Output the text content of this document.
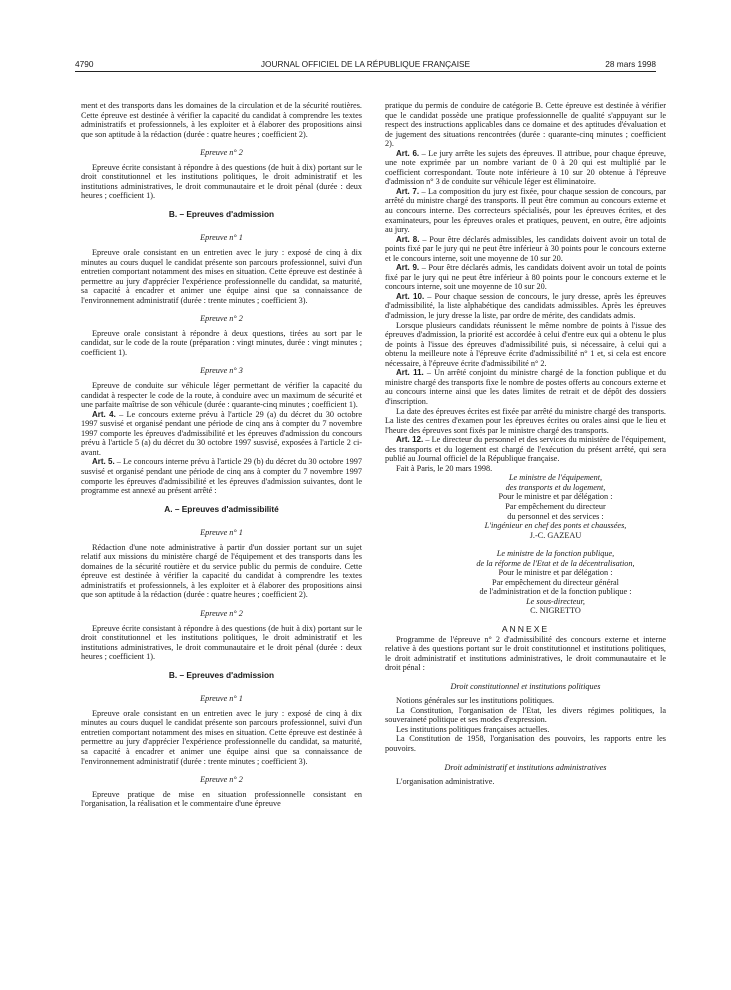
4790	JOURNAL OFFICIEL DE LA RÉPUBLIQUE FRANÇAISE	28 mars 1998

ment et des transports dans les domaines de la circulation et de la sécurité routières. Cette épreuve est destinée à vérifier la capacité du candidat à comprendre les textes administratifs et professionnels, à les exploiter et à élaborer des propositions ainsi que son aptitude à la rédaction (durée : quatre heures ; coefficient 2).

Epreuve n° 2

Epreuve écrite consistant à répondre à des questions (de huit à dix) portant sur le droit constitutionnel et les institutions politiques, le droit administratif et les institutions administratives, le droit communautaire et le droit pénal (durée : deux heures ; coefficient 1).

B. – Epreuves d'admission

Epreuve n° 1

Epreuve orale consistant en un entretien avec le jury : exposé de cinq à dix minutes au cours duquel le candidat présente son parcours professionnel, suivi d'un entretien comportant notamment des mises en situation. Cette épreuve est destinée à permettre au jury d'apprécier l'expérience professionnelle du candidat, sa maturité, sa capacité à encadrer et animer une équipe ainsi que sa connaissance de l'environnement administratif (durée : trente minutes ; coefficient 3).

Epreuve n° 2

Epreuve orale consistant à répondre à deux questions, tirées au sort par le candidat, sur le code de la route (préparation : vingt minutes, durée : vingt minutes ; coefficient 1).

Epreuve n° 3

Epreuve de conduite sur véhicule léger permettant de vérifier la capacité du candidat à respecter le code de la route, à conduire avec un maximum de sécurité et une parfaite maîtrise de son véhicule (durée : quarante-cinq minutes ; coefficient 1).

Art. 4. – Le concours externe prévu à l'article 29 (a) du décret du 30 octobre 1997 susvisé et organisé pendant une période de cinq ans à compter du 7 novembre 1997 comporte les épreuves d'admissibilité et les épreuves d'admission du concours prévu à l'article 5 (a) du décret du 30 octobre 1997 susvisé, exposées à l'article 2 ci-avant.

Art. 5. – Le concours interne prévu à l'article 29 (b) du décret du 30 octobre 1997 susvisé et organisé pendant une période de cinq ans à compter du 7 novembre 1997 comporte les épreuves d'admissibilité et les épreuves d'admission suivantes, dont le programme est annexé au présent arrêté :

A. – Epreuves d'admissibilité

Epreuve n° 1

Rédaction d'une note administrative à partir d'un dossier portant sur un sujet relatif aux missions du ministère chargé de l'équipement et des transports dans les domaines de la sécurité routière et du service public du permis de conduire. Cette épreuve est destinée à vérifier la capacité du candidat à comprendre les textes administratifs et professionnels, à les exploiter et à élaborer des propositions ainsi que son aptitude à la rédaction (durée : quatre heures ; coefficient 2).

Epreuve n° 2

Epreuve écrite consistant à répondre à des questions (de huit à dix) portant sur le droit constitutionnel et les institutions politiques, le droit administratif et les institutions administratives, le droit communautaire et le droit pénal (durée : deux heures ; coefficient 1).

B. – Epreuves d'admission

Epreuve n° 1

Epreuve orale consistant en un entretien avec le jury : exposé de cinq à dix minutes au cours duquel le candidat présente son parcours professionnel, suivi d'un entretien comportant notamment des mises en situation. Cette épreuve est destinée à permettre au jury d'apprécier l'expérience professionnelle du candidat, sa maturité, sa capacité à encadrer et animer une équipe ainsi que sa connaissance de l'environnement administratif (durée : trente minutes ; coefficient 3).

Epreuve n° 2

Epreuve pratique de mise en situation professionnelle consistant en l'organisation, la réalisation et le commentaire d'une épreuve

pratique du permis de conduire de catégorie B. Cette épreuve est destinée à vérifier que le candidat possède une pratique professionnelle de qualité s'appuyant sur le respect des instructions applicables dans ce domaine et des aptitudes d'évaluation et de jugement des situations rencontrées (durée : quarante-cinq minutes ; coefficient 2).

Art. 6. – Le jury arrête les sujets des épreuves. Il attribue, pour chaque épreuve, une note exprimée par un nombre variant de 0 à 20 qui est multiplié par le coefficient correspondant. Toute note inférieure à 10 sur 20 obtenue à l'épreuve d'admission n° 3 de conduite sur véhicule léger est éliminatoire.

Art. 7. – La composition du jury est fixée, pour chaque session de concours, par arrêté du ministre chargé des transports. Il peut être commun au concours externe et au concours interne. Des correcteurs spécialisés, pour les épreuves écrites, et des examinateurs, pour les épreuves orales et pratiques, peuvent, en outre, être adjoints au jury.

Art. 8. – Pour être déclarés admissibles, les candidats doivent avoir un total de points fixé par le jury qui ne peut être inférieur à 30 points pour le concours externe et le concours interne, soit une moyenne de 10 sur 20.

Art. 9. – Pour être déclarés admis, les candidats doivent avoir un total de points fixé par le jury qui ne peut être inférieur à 80 points pour le concours externe et le concours interne, soit une moyenne de 10 sur 20.

Art. 10. – Pour chaque session de concours, le jury dresse, après les épreuves d'admissibilité, la liste alphabétique des candidats admissibles. Après les épreuves d'admission, le jury dresse la liste, par ordre de mérite, des candidats admis.

Lorsque plusieurs candidats réunissent le même nombre de points à l'issue des épreuves d'admission, la priorité est accordée à celui d'entre eux qui a obtenu le plus de points à l'issue des épreuves d'admissibilité puis, si nécessaire, à celui qui a obtenu la meilleure note à l'épreuve écrite d'admissibilité n° 1 et, si cela est encore nécessaire, à l'épreuve écrite d'admissibilité n° 2.

Art. 11. – Un arrêté conjoint du ministre chargé de la fonction publique et du ministre chargé des transports fixe le nombre de postes offerts au concours externe et au concours interne ainsi que les dates limites de retrait et de dépôt des dossiers d'inscription.

La date des épreuves écrites est fixée par arrêté du ministre chargé des transports. La liste des centres d'examen pour les épreuves écrites ou orales ainsi que le lieu et l'heure des épreuves sont fixés par le ministre chargé des transports.

Art. 12. – Le directeur du personnel et des services du ministère de l'équipement, des transports et du logement est chargé de l'exécution du présent arrêté, qui sera publié au Journal officiel de la République française.

Fait à Paris, le 20 mars 1998.

Le ministre de l'équipement,

des transports et du logement,

Pour le ministre et par délégation :

Par empêchement du directeur

du personnel et des services :

L'ingénieur en chef des ponts et chaussées,

J.-C. GAZEAU

Le ministre de la fonction publique,

de la réforme de l'Etat et de la décentralisation,

Pour le ministre et par délégation :

Par empêchement du directeur général

de l'administration et de la fonction publique :

Le sous-directeur,

C. NIGRETTO

ANNEXE

Programme de l'épreuve n° 2 d'admissibilité des concours externe et interne relative à des questions portant sur le droit constitutionnel et institutions politiques, le droit administratif et institutions administratives, le droit communautaire et le droit pénal :

Droit constitutionnel et institutions politiques

Notions générales sur les institutions politiques.

La Constitution, l'organisation de l'Etat, les divers régimes politiques, la souveraineté politique et ses modes d'expression.

Les institutions politiques françaises actuelles.

La Constitution de 1958, l'organisation des pouvoirs, les rapports entre les pouvoirs.

Droit administratif et institutions administratives

L'organisation administrative.
